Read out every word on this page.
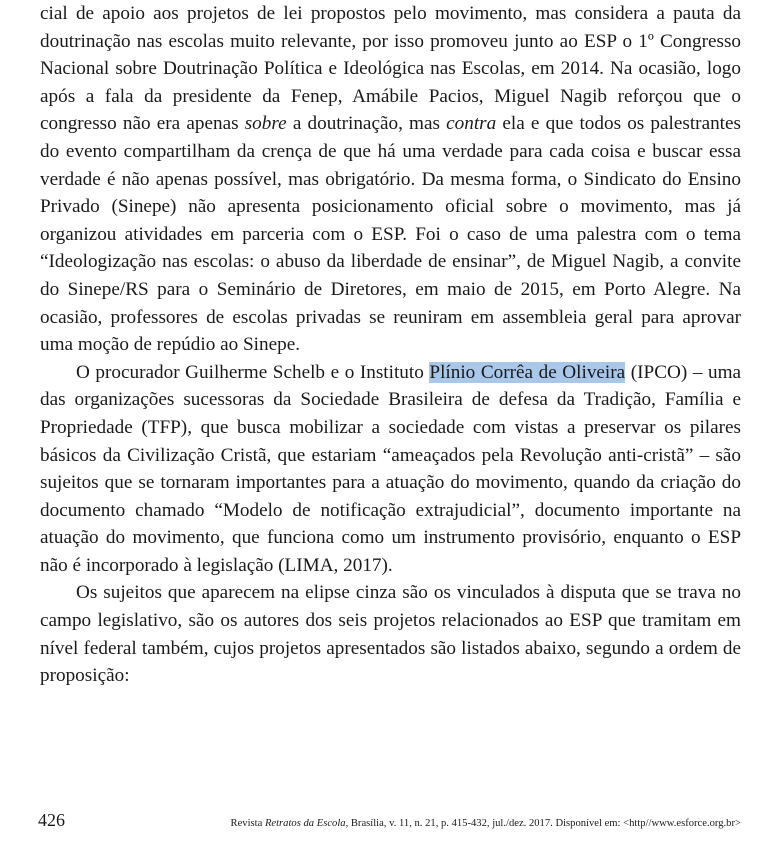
cial de apoio aos projetos de lei propostos pelo movimento, mas considera a pauta da doutrinação nas escolas muito relevante, por isso promoveu junto ao ESP o 1º Congresso Nacional sobre Doutrinação Política e Ideológica nas Escolas, em 2014. Na ocasião, logo após a fala da presidente da Fenep, Amábile Pacios, Miguel Nagib reforçou que o congresso não era apenas sobre a doutrinação, mas contra ela e que todos os palestrantes do evento compartilham da crença de que há uma verdade para cada coisa e buscar essa verdade é não apenas possível, mas obrigatório. Da mesma forma, o Sindicato do Ensino Privado (Sinepe) não apresenta posicionamento oficial sobre o movimento, mas já organizou atividades em parceria com o ESP. Foi o caso de uma palestra com o tema “Ideologização nas escolas: o abuso da liberdade de ensinar”, de Miguel Nagib, a convite do Sinepe/RS para o Seminário de Diretores, em maio de 2015, em Porto Alegre. Na ocasião, professores de escolas privadas se reuniram em assembleia geral para aprovar uma moção de repúdio ao Sinepe.

O procurador Guilherme Schelb e o Instituto Plínio Corrêa de Oliveira (IPCO) – uma das organizações sucessoras da Sociedade Brasileira de defesa da Tradição, Família e Propriedade (TFP), que busca mobilizar a sociedade com vistas a preservar os pilares básicos da Civilização Cristã, que estariam “ameaçados pela Revolução anti-cristã” – são sujeitos que se tornaram importantes para a atuação do movimento, quando da criação do documento chamado “Modelo de notificação extrajudicial”, documento importante na atuação do movimento, que funciona como um instrumento provisório, enquanto o ESP não é incorporado à legislação (LIMA, 2017).

Os sujeitos que aparecem na elipse cinza são os vinculados à disputa que se trava no campo legislativo, são os autores dos seis projetos relacionados ao ESP que tramitam em nível federal também, cujos projetos apresentados são listados abaixo, segundo a ordem de proposição:

426	Revista Retratos da Escola, Brasília, v. 11, n. 21, p. 415-432, jul./dez. 2017. Disponível em: <http//www.esforce.org.br>
